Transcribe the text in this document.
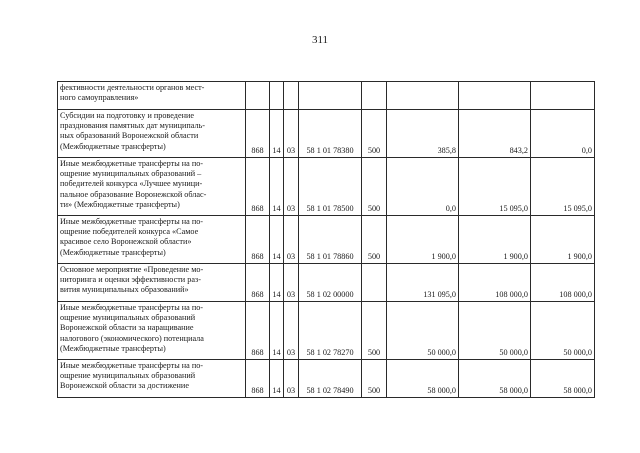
311
фективности деятельности органов мест-
ного самоуправления»								

Субсидии на подготовку и проведение
празднования памятных дат муниципаль-
ных образований Воронежской области
(Межбюджетные трансферты)	868	14	03	58 1 01 78380	500	385,8	843,2	0,0

Иные межбюджетные трансферты на по-
ощрение муниципальных образований –
победителей конкурса «Лучшее муници-
пальное образование Воронежской облас-
ти» (Межбюджетные трансферты)	868	14	03	58 1 01 78500	500	0,0	15 095,0	15 095,0

Иные межбюджетные трансферты на по-
ощрение победителей конкурса «Самое
красивое село Воронежской области»
(Межбюджетные трансферты)	868	14	03	58 1 01 78860	500	1 900,0	1 900,0	1 900,0

Основное мероприятие «Проведение мо-
ниторинга и оценки эффективности раз-
вития муниципальных образований»	868	14	03	58 1 02 00000		131 095,0	108 000,0	108 000,0

Иные межбюджетные трансферты на по-
ощрение муниципальных образований
Воронежской области за наращивание
налогового (экономического) потенциала
(Межбюджетные трансферты)	868	14	03	58 1 02 78270	500	50 000,0	50 000,0	50 000,0

Иные межбюджетные трансферты на по-
ощрение муниципальных образований
Воронежской области за достижение	868	14	03	58 1 02 78490	500	58 000,0	58 000,0	58 000,0
